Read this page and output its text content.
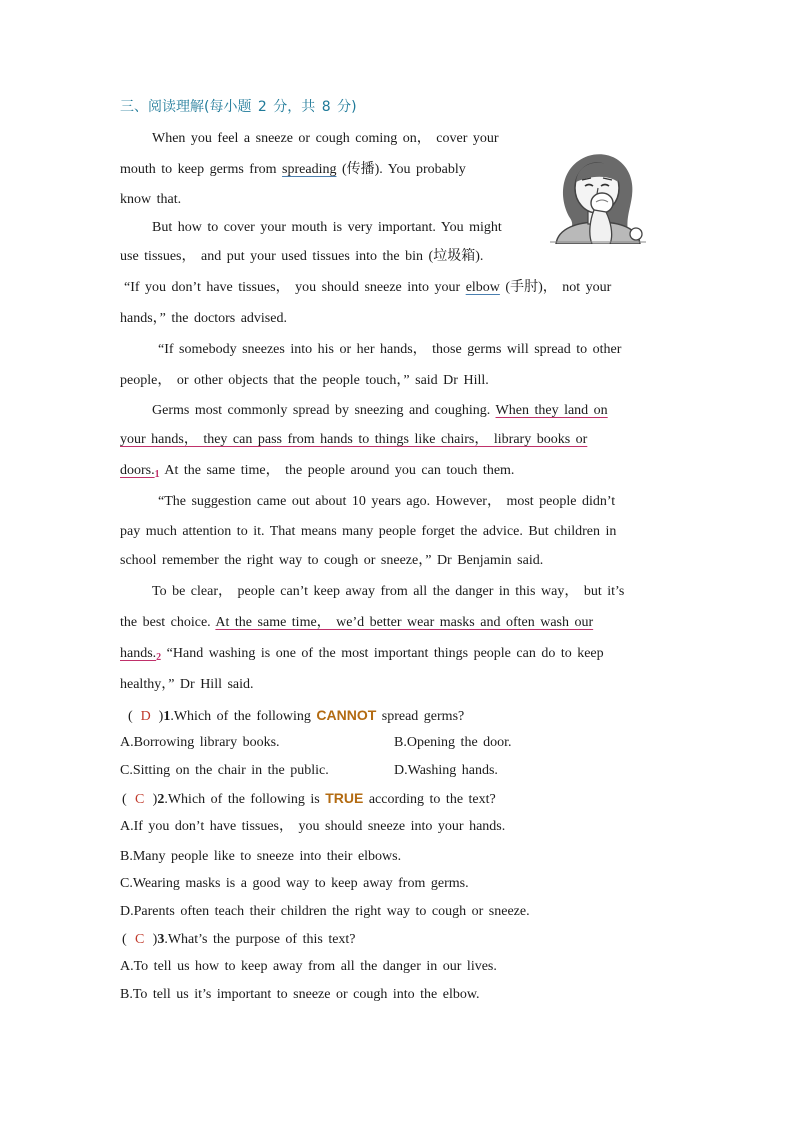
三、阅读理解(每小题 2 分，共 8 分)
When you feel a sneeze or cough coming on， cover your
mouth to keep germs from spreading (传播). You probably
know that.
But how to cover your mouth is very important. You might
use tissues， and put your used tissues into the bin (垃圾箱).
“If you don’t have tissues， you should sneeze into your elbow (手肘)， not your
hands，” the doctors advised.
“If somebody sneezes into his or her hands， those germs will spread to other
people， or other objects that the people touch，” said Dr Hill.
Germs most commonly spread by sneezing and coughing. When they land on
your hands， they can pass from hands to things like chairs， library books or
$doors._1$ At the same time， the people around you can touch them.
“The suggestion came out about 10 years ago. However， most people didn’t
pay much attention to it. That means many people forget the advice. But children in
school remember the right way to cough or sneeze，” Dr Benjamin said.
To be clear， people can’t keep away from all the danger in this way， but it’s
the best choice. At the same time， we’d better wear masks and often wash our
$hands._2$ “Hand washing is one of the most important things people can do to keep
healthy，” Dr Hill said.
( D )1.Which of the following CANNOT spread germs?
A.Borrowing library books.	B.Opening the door.
C.Sitting on the chair in the public.	D.Washing hands.
( C )2.Which of the following is TRUE according to the text?
A.If you don’t have tissues， you should sneeze into your hands.
B.Many people like to sneeze into their elbows.
C.Wearing masks is a good way to keep away from germs.
D.Parents often teach their children the right way to cough or sneeze.
( C )3.What’s the purpose of this text?
A.To tell us how to keep away from all the danger in our lives.
B.To tell us it’s important to sneeze or cough into the elbow.
